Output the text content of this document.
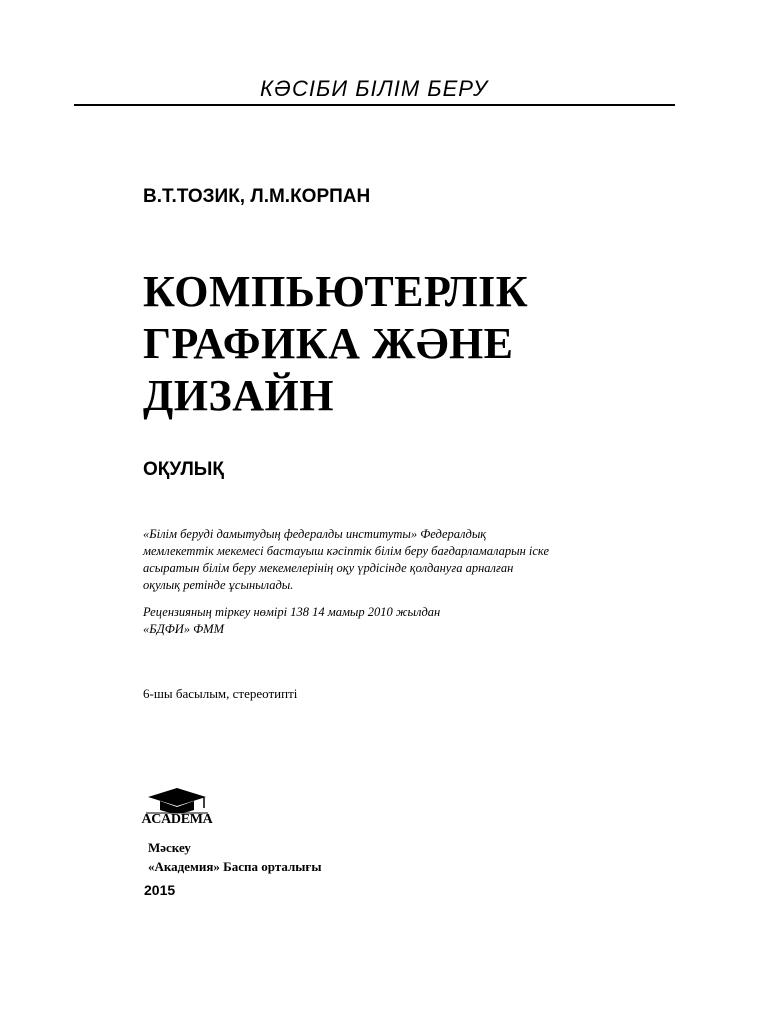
КӘСІБИ БІЛІМ БЕРУ
В.Т.ТОЗИК, Л.М.КОРПАН
КОМПЬЮТЕРЛІК
ГРАФИКА ЖӘНЕ
ДИЗАЙН
ОҚУЛЫҚ
«Білім беруді дамытудың федералды институты» Федералдық
мемлекеттік мекемесі бастауыш кәсіптік білім беру бағдарламаларын іске
асыратын білім беру мекемелерінің оқу үрдісінде қолдануға арналған
оқулық ретінде ұсынылады.
Рецензияның тіркеу нөмірі 138 14 мамыр 2010 жылдан
«БДФИ» ФММ
6-шы басылым, стереотипті
ACADEMA
Мәскеу
«Академия» Баспа орталығы
2015
